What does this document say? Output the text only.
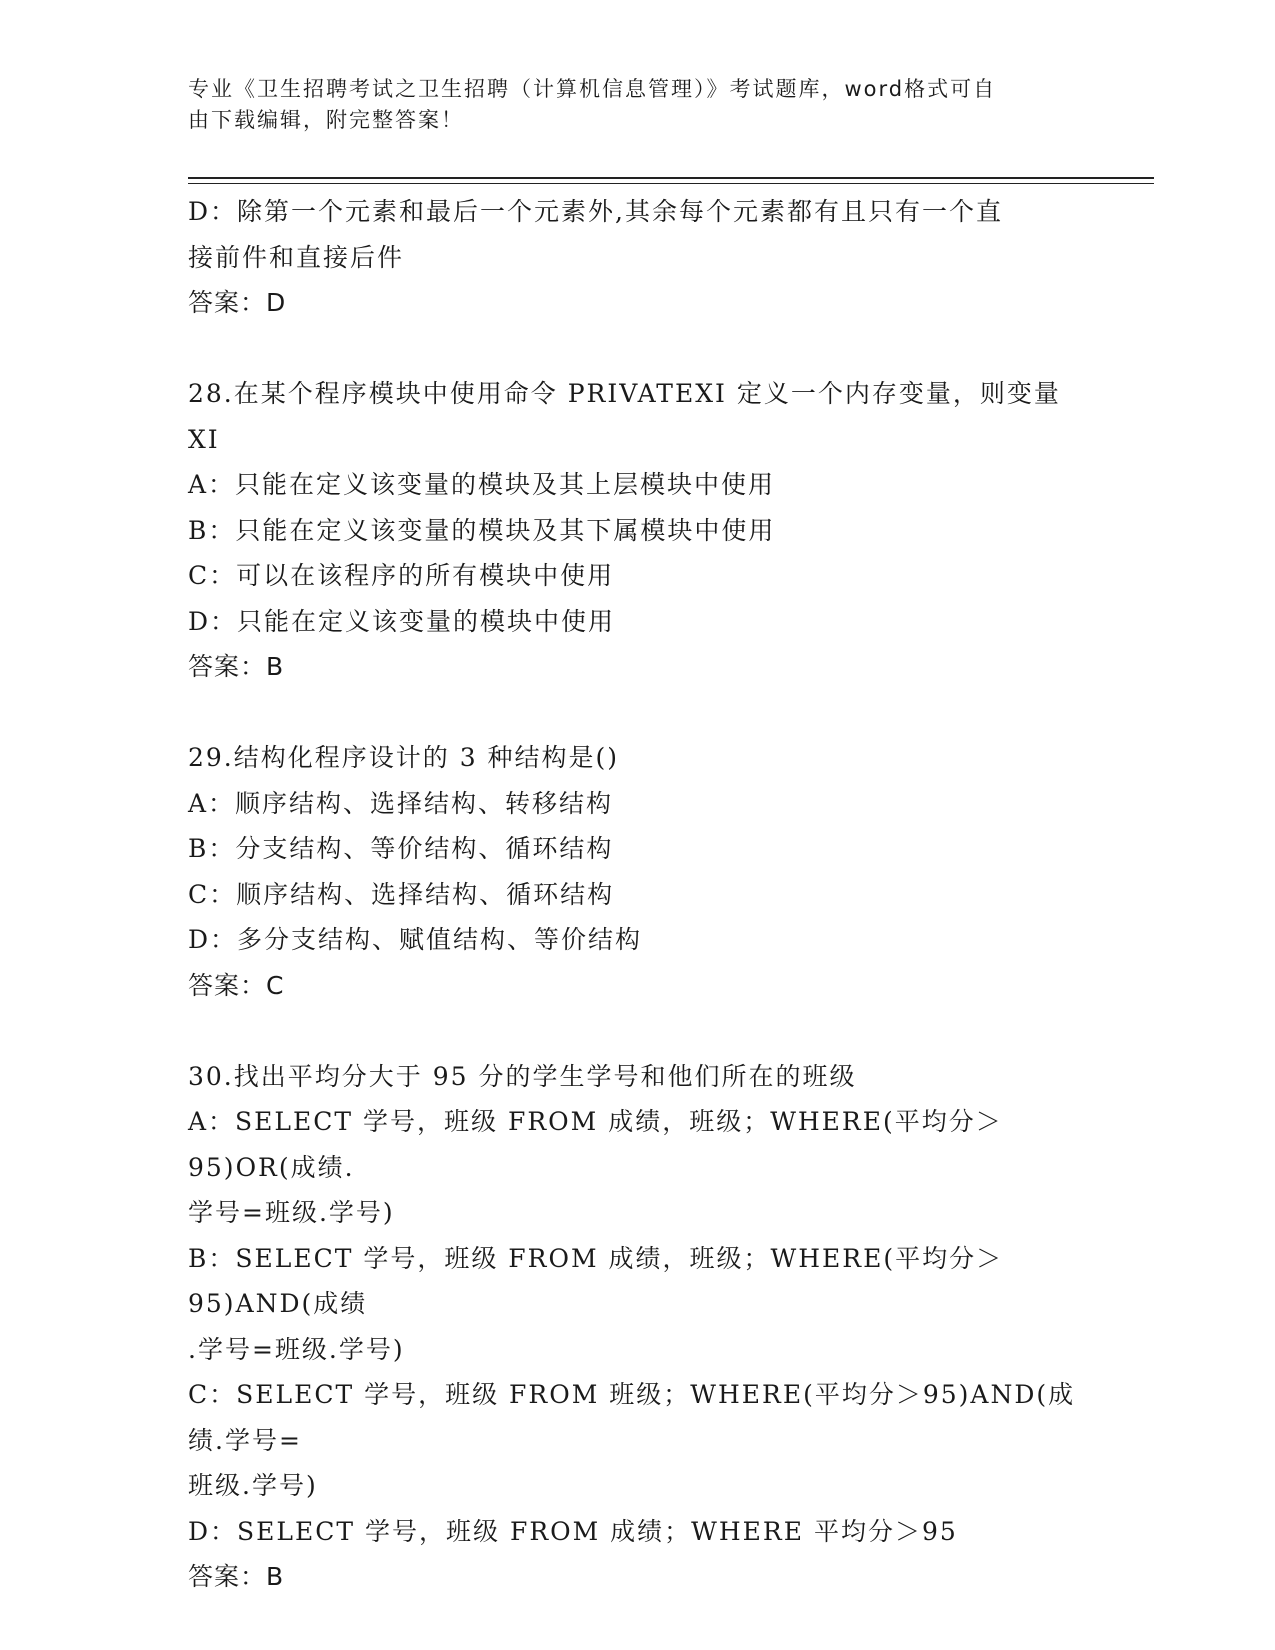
专业《卫生招聘考试之卫生招聘（计算机信息管理）》考试题库，word格式可自

由下载编辑，附完整答案！

D：除第一个元素和最后一个元素外,其余每个元素都有且只有一个直

接前件和直接后件

答案：D

28.在某个程序模块中使用命令 PRIVATEXI 定义一个内存变量，则变量

XI

A：只能在定义该变量的模块及其上层模块中使用

B：只能在定义该变量的模块及其下属模块中使用

C：可以在该程序的所有模块中使用

D：只能在定义该变量的模块中使用

答案：B

29.结构化程序设计的 3 种结构是()

A：顺序结构、选择结构、转移结构

B：分支结构、等价结构、循环结构

C：顺序结构、选择结构、循环结构

D：多分支结构、赋值结构、等价结构

答案：C

30.找出平均分大于 95 分的学生学号和他们所在的班级

A：SELECT 学号，班级 FROM 成绩，班级；WHERE(平均分＞95)OR(成绩.

学号=班级.学号)

B：SELECT 学号，班级 FROM 成绩，班级；WHERE(平均分＞95)AND(成绩

.学号=班级.学号)

C：SELECT 学号，班级 FROM 班级；WHERE(平均分＞95)AND(成绩.学号=

班级.学号)

D：SELECT 学号，班级 FROM 成绩；WHERE 平均分＞95

答案：B
